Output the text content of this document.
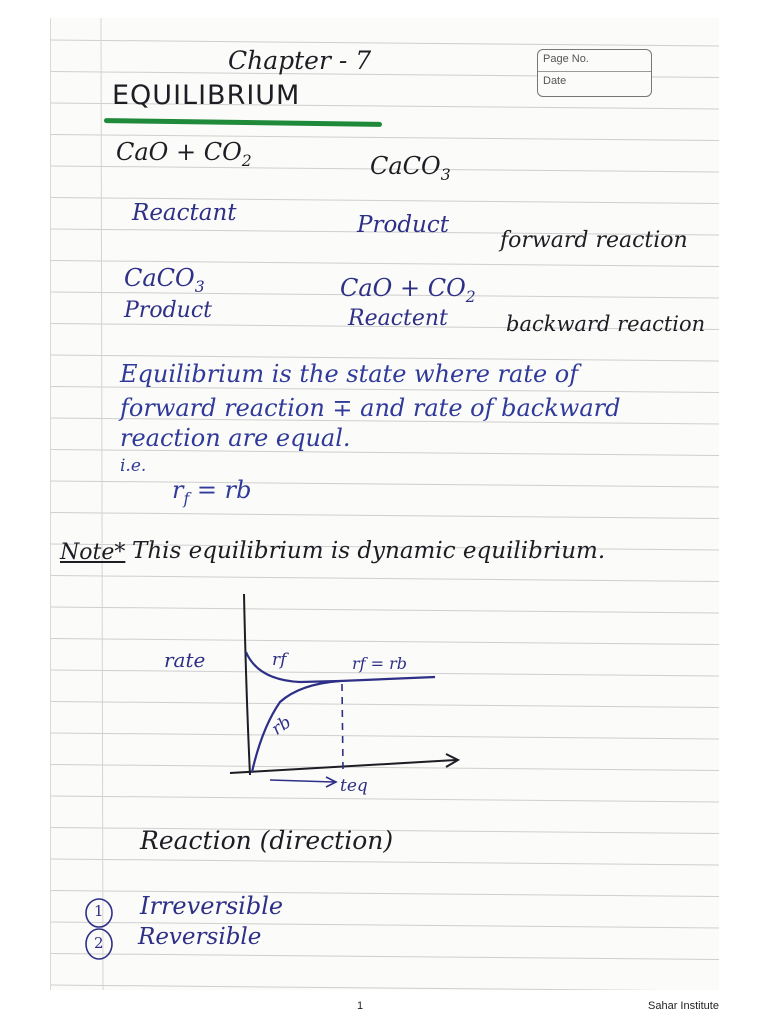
Page No.
Date
Chapter - 7
EQUILIBRIUM
CaO + $CO_2$	CaCO$_3$
Reactant	Product
forward reaction
CaCO$_3$	CaO + $CO_2$
Product	Reactent	backward reaction
Equilibrium is the state where rate of
forward reaction ∓ and rate of backward
reaction are equal.
i.e.
$r_f$ = rb
Note* This equilibrium is dynamic equilibrium.
rate	rf
rb
rf = rb
teq
Reaction (direction)
1
2
Irreversible
Reversible
1	Sahar Institute
